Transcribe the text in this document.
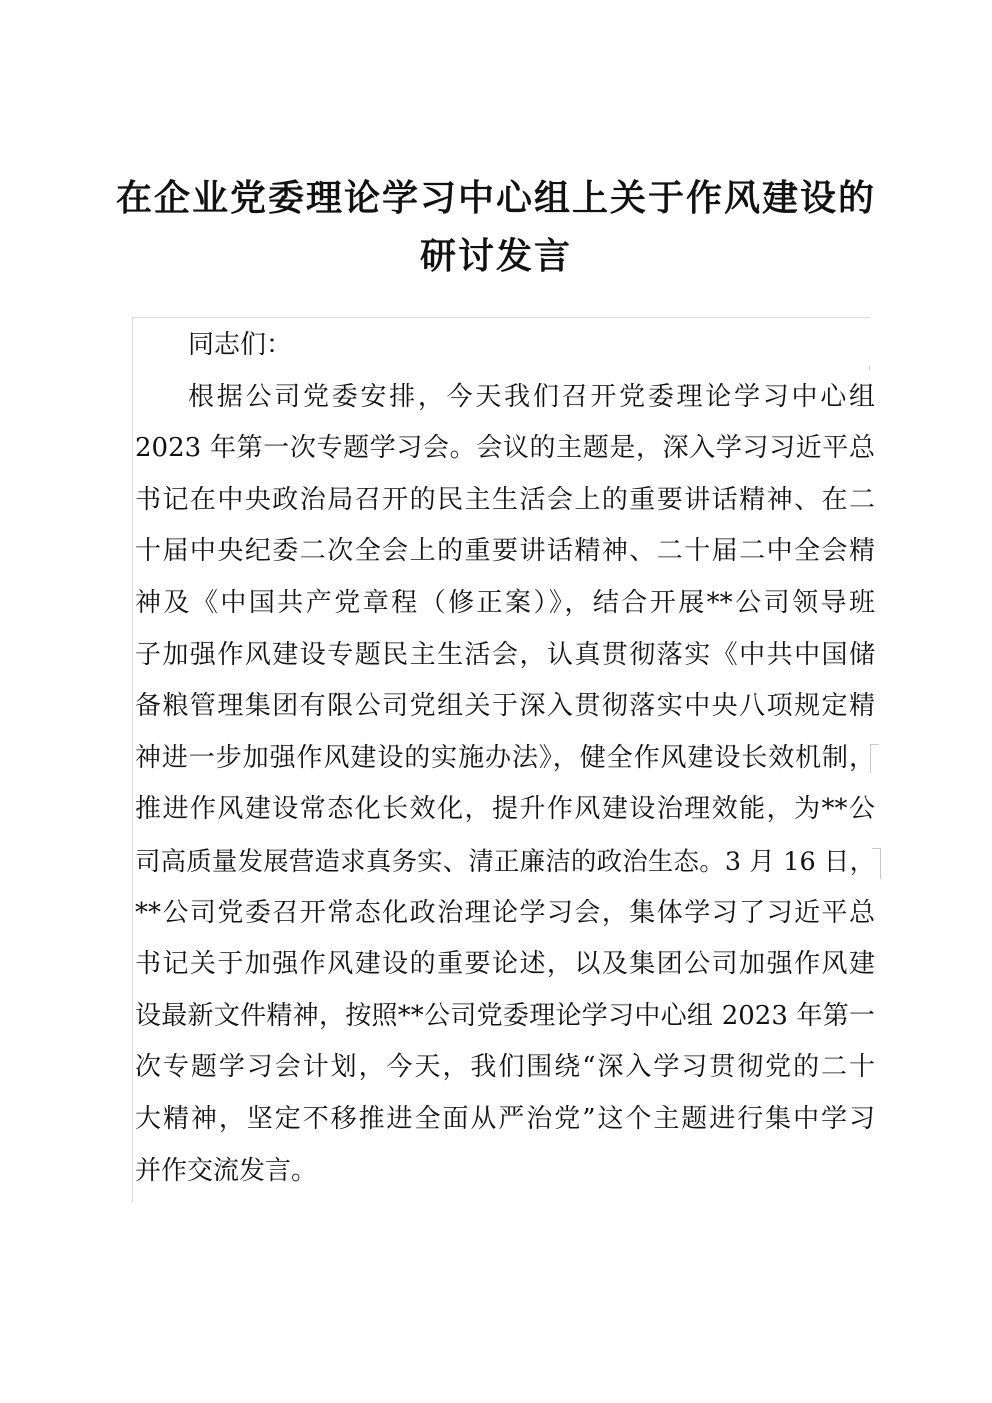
在企业党委理论学习中心组上关于作风建设的
研讨发言
同志们：
根据公司党委安排，今天我们召开党委理论学习中心组
2023 年第一次专题学习会。会议的主题是，深入学习习近平总
书记在中央政治局召开的民主生活会上的重要讲话精神、在二
十届中央纪委二次全会上的重要讲话精神、二十届二中全会精
神及《中国共产党章程（修正案）》，结合开展**公司领导班
子加强作风建设专题民主生活会，认真贯彻落实《中共中国储
备粮管理集团有限公司党组关于深入贯彻落实中央八项规定精
神进一步加强作风建设的实施办法》，健全作风建设长效机制，
推进作风建设常态化长效化，提升作风建设治理效能，为**公
司高质量发展营造求真务实、清正廉洁的政治生态。3 月 16 日，
**公司党委召开常态化政治理论学习会，集体学习了习近平总
书记关于加强作风建设的重要论述，以及集团公司加强作风建
设最新文件精神，按照**公司党委理论学习中心组 2023 年第一
次专题学习会计划，今天，我们围绕“深入学习贯彻党的二十
大精神，坚定不移推进全面从严治党”这个主题进行集中学习
并作交流发言。
